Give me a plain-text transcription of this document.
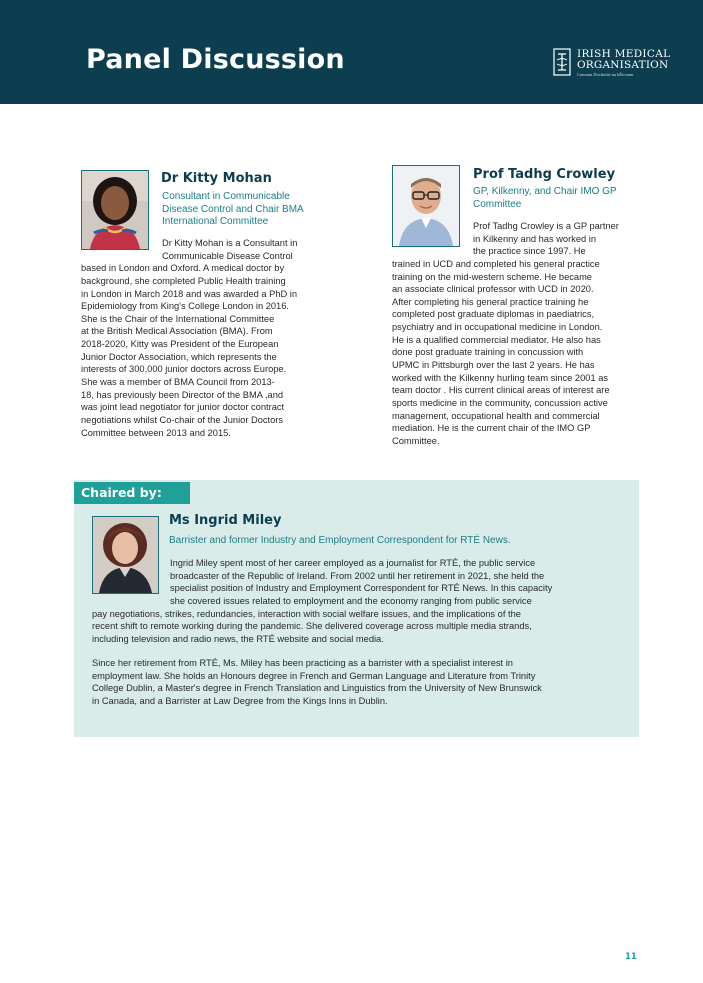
Panel Discussion	IRISH MEDICAL
ORGANISATION
Cumann Dochtúirí na hÉireann
Dr Kitty Mohan
Consultant in Communicable
Disease Control and Chair BMA
International Committee
Dr Kitty Mohan is a Consultant in
Communicable Disease Control
based in London and Oxford. A medical doctor by
background, she completed Public Health training
in London in March 2018 and was awarded a PhD in
Epidemiology from King's College London in 2016.
She is the Chair of the International Committee
at the British Medical Association (BMA). From
2018-2020, Kitty was President of the European
Junior Doctor Association, which represents the
interests of 300,000 junior doctors across Europe.
She was a member of BMA Council from 2013-
18, has previously been Director of the BMA ,and
was joint lead negotiator for junior doctor contract
negotiations whilst Co-chair of the Junior Doctors
Committee between 2013 and 2015.
Prof Tadhg Crowley
GP, Kilkenny, and Chair IMO GP
Committee
Prof Tadhg Crowley is a GP partner
in Kilkenny and has worked in
the practice since 1997. He
trained in UCD and completed his general practice
training on the mid-western scheme. He became
an associate clinical professor with UCD in 2020.
After completing his general practice training he
completed post graduate diplomas in paediatrics,
psychiatry and in occupational medicine in London.
He is a qualified commercial mediator. He also has
done post graduate training in concussion with
UPMC in Pittsburgh over the last 2 years. He has
worked with the Kilkenny hurling team since 2001 as
team doctor . His current clinical areas of interest are
sports medicine in the community, concussion active
management, occupational health and commercial
mediation. He is the current chair of the IMO GP
Committee.
Chaired by:
Ms Ingrid Miley
Barrister and former Industry and Employment Correspondent for RTÉ News.
Ingrid Miley spent most of her career employed as a journalist for RTÉ, the public service
broadcaster of the Republic of Ireland. From 2002 until her retirement in 2021, she held the
specialist position of Industry and Employment Correspondent for RTÉ News. In this capacity
she covered issues related to employment and the economy ranging from public service
pay negotiations, strikes, redundancies, interaction with social welfare issues, and the implications of the
recent shift to remote working during the pandemic. She delivered coverage across multiple media strands,
including television and radio news, the RTÉ website and social media.
Since her retirement from RTÉ, Ms. Miley has been practicing as a barrister with a specialist interest in
employment law. She holds an Honours degree in French and German Language and Literature from Trinity
College Dublin, a Master's degree in French Translation and Linguistics from the University of New Brunswick
in Canada, and a Barrister at Law Degree from the Kings Inns in Dublin.
11
